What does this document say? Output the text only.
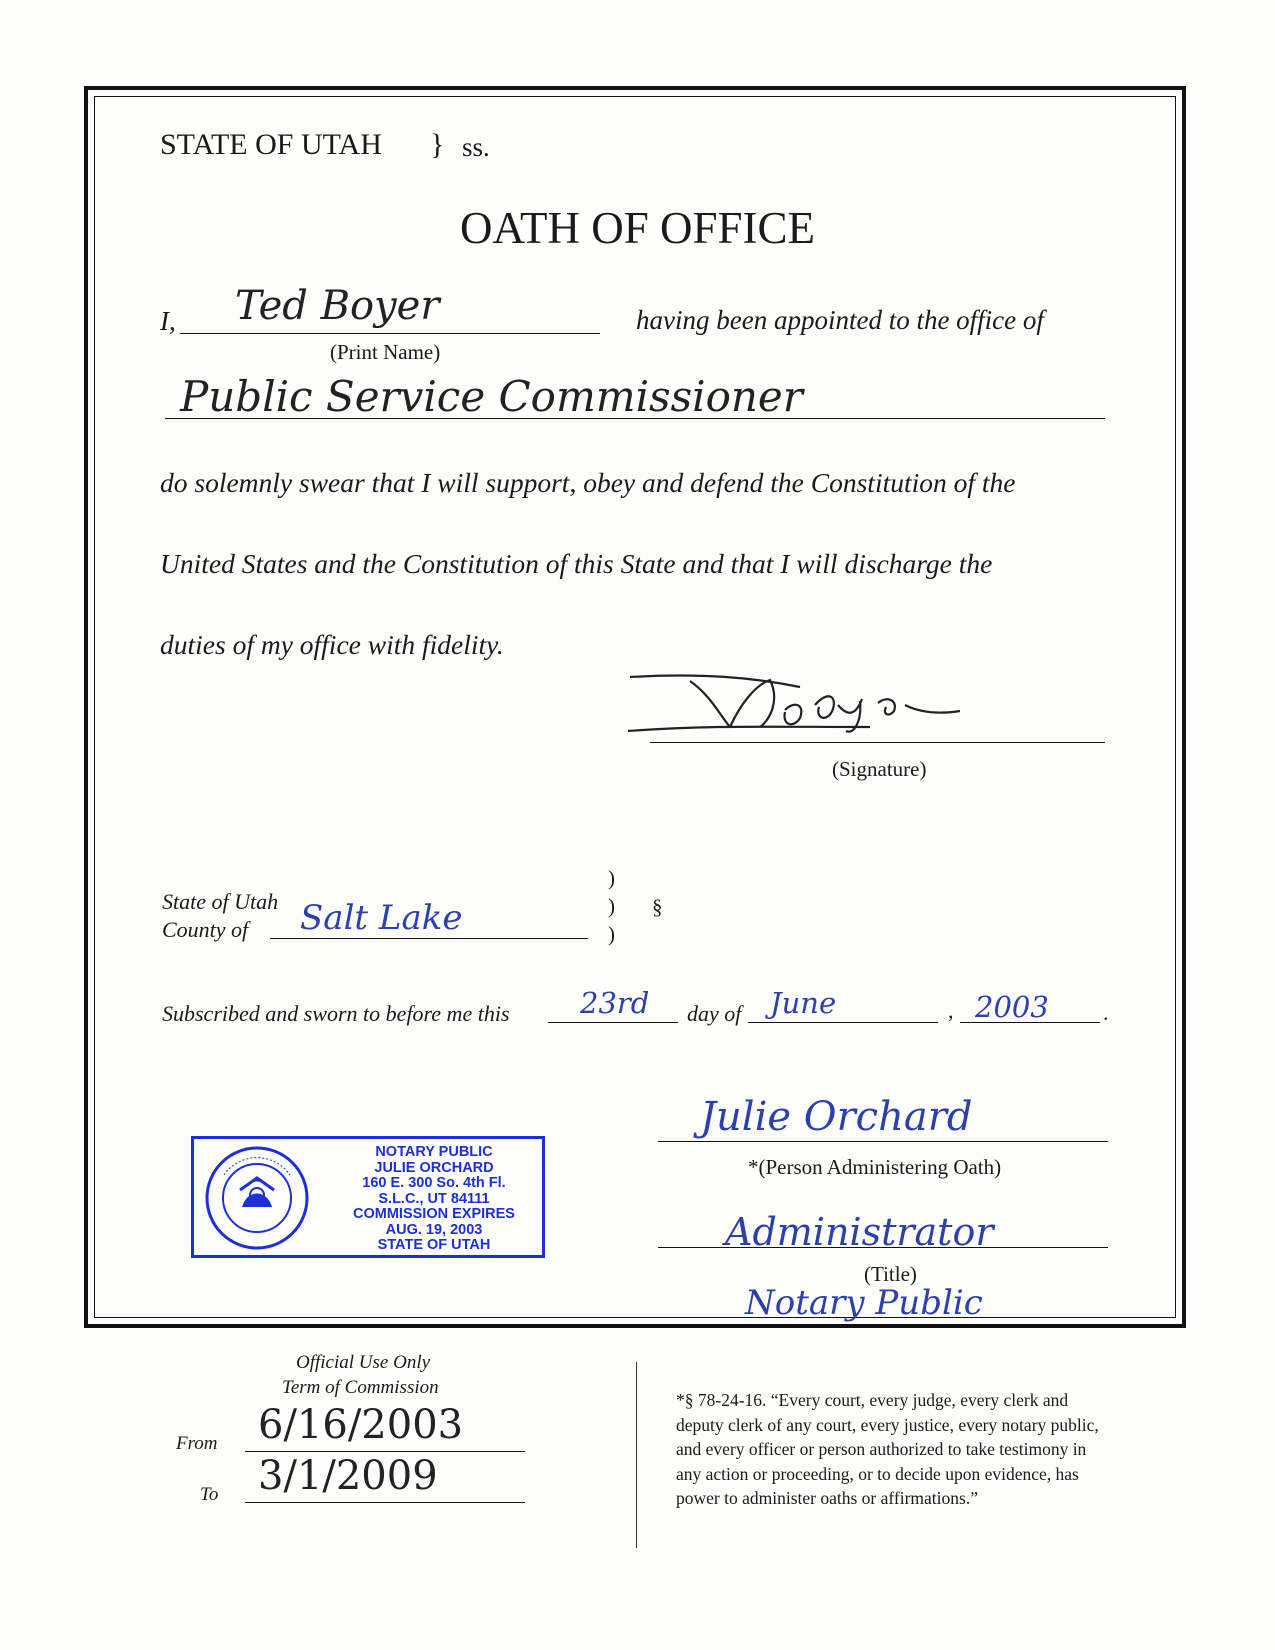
STATE OF UTAH } ss.
OATH OF OFFICE
I, Ted Boyer
(Print Name)
having been appointed to the office of
Public Service Commissioner
do solemnly swear that I will support, obey and defend the Constitution of the
United States and the Constitution of this State and that I will discharge the
duties of my office with fidelity.
(Signature)
State of Utah
County of Salt Lake
)
)
)
§
Subscribed and sworn to before me this 23rd day of June	, 2003 .
Julie Orchard
*(Person Administering Oath)
Administrator
(Title)
Notary Public
NOTARY PUBLIC
JULIE ORCHARD
160 E. 300 So. 4th Fl.
S.L.C., UT 84111
COMMISSION EXPIRES
AUG. 19, 2003
STATE OF UTAH
Official Use Only
Term of Commission
From 6/16/2003
To 3/1/2009
*§ 78-24-16. “Every court, every judge, every clerk and
deputy clerk of any court, every justice, every notary public,
and every officer or person authorized to take testimony in
any action or proceeding, or to decide upon evidence, has
power to administer oaths or affirmations.”
